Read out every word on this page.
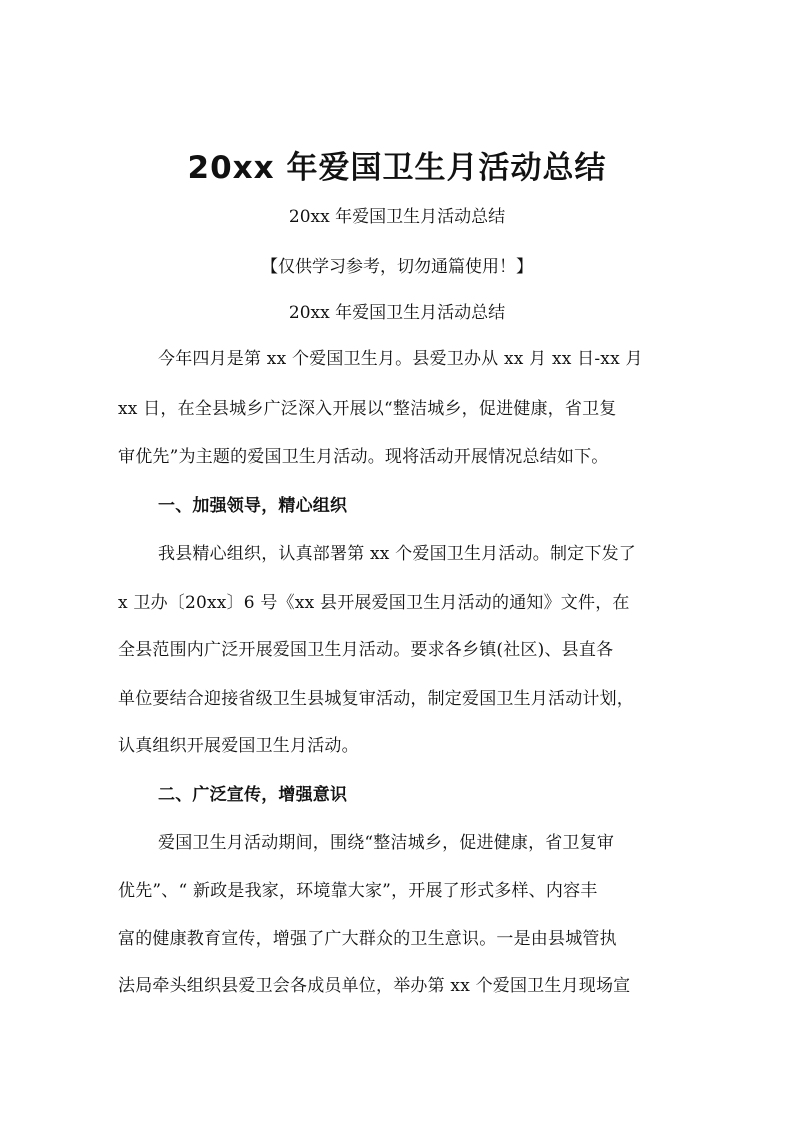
20xx 年爱国卫生月活动总结
20xx 年爱国卫生月活动总结
【仅供学习参考，切勿通篇使用！】
20xx 年爱国卫生月活动总结
今年四月是第 xx 个爱国卫生月。县爱卫办从 xx 月 xx 日-xx 月
xx 日，在全县城乡广泛深入开展以“整洁城乡，促进健康，省卫复
审优先”为主题的爱国卫生月活动。现将活动开展情况总结如下。
一、加强领导，精心组织
我县精心组织，认真部署第 xx 个爱国卫生月活动。制定下发了
x 卫办〔20xx〕6 号《xx 县开展爱国卫生月活动的通知》文件，在
全县范围内广泛开展爱国卫生月活动。要求各乡镇(社区)、县直各
单位要结合迎接省级卫生县城复审活动，制定爱国卫生月活动计划，
认真组织开展爱国卫生月活动。
二、广泛宣传，增强意识
爱国卫生月活动期间，围绕“整洁城乡，促进健康，省卫复审
优先”、“ 新政是我家，环境靠大家”，开展了形式多样、内容丰
富的健康教育宣传，增强了广大群众的卫生意识。一是由县城管执
法局牵头组织县爱卫会各成员单位，举办第 xx 个爱国卫生月现场宣
